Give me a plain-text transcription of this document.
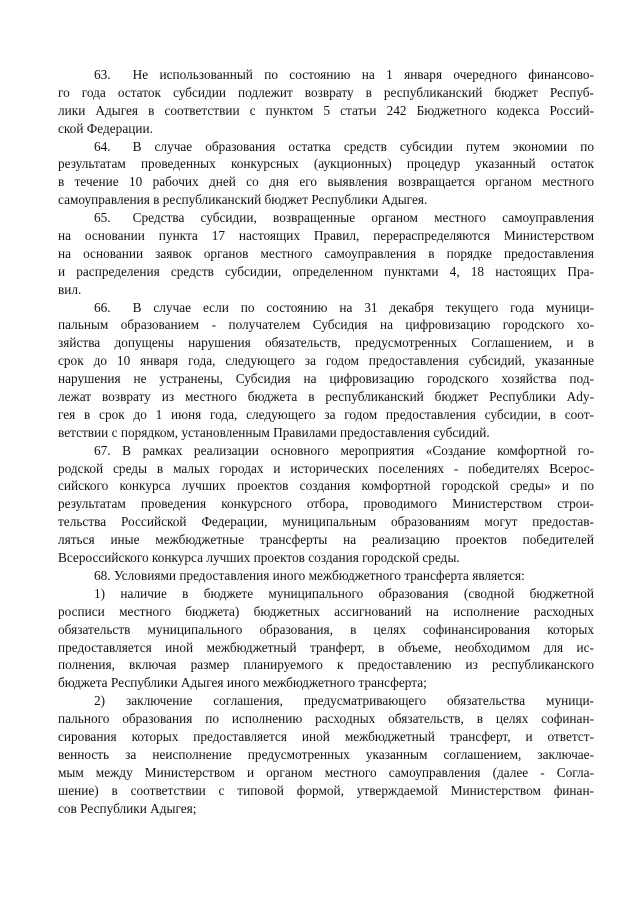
63. Не использованный по состоянию на 1 января очередного финансово-
го года остаток субсидии подлежит возврату в республиканский бюджет Респуб-
лики Адыгея в соответствии с пунктом 5 статьи 242 Бюджетного кодекса Россий-
ской Федерации.
64. В случае образования остатка средств субсидии путем экономии по
результатам проведенных конкурсных (аукционных) процедур указанный остаток
в течение 10 рабочих дней со дня его выявления возвращается органом местного
самоуправления в республиканский бюджет Республики Адыгея.
65. Средства субсидии, возвращенные органом местного самоуправления
на основании пункта 17 настоящих Правил, перераспределяются Министерством
на основании заявок органов местного самоуправления в порядке предоставления
и распределения средств субсидии, определенном пунктами 4, 18 настоящих Пра-
вил.
66. В случае если по состоянию на 31 декабря текущего года муници-
пальным образованием - получателем Субсидия на цифровизацию городского хо-
зяйства допущены нарушения обязательств, предусмотренных Соглашением, и в
срок до 10 января года, следующего за годом предоставления субсидий, указанные
нарушения не устранены, Субсидия на цифровизацию городского хозяйства под-
лежат возврату из местного бюджета в республиканский бюджет Республики Ady-
гея в срок до 1 июня года, следующего за годом предоставления субсидии, в соот-
ветствии с порядком, установленным Правилами предоставления субсидий.
67. В рамках реализации основного мероприятия «Создание комфортной го-
родской среды в малых городах и исторических поселениях - победителях Всерос-
сийского конкурса лучших проектов создания комфортной городской среды» и по
результатам проведения конкурсного отбора, проводимого Министерством строи-
тельства Российской Федерации, муниципальным образованиям могут предостав-
ляться иные межбюджетные трансферты на реализацию проектов победителей
Всероссийского конкурса лучших проектов создания городской среды.
68. Условиями предоставления иного межбюджетного трансферта является:
1) наличие в бюджете муниципального образования (сводной бюджетной
росписи местного бюджета) бюджетных ассигнований на исполнение расходных
обязательств муниципального образования, в целях софинансирования которых
предоставляется иной межбюджетный транферт, в объеме, необходимом для ис-
полнения, включая размер планируемого к предоставлению из республиканского
бюджета Республики Адыгея иного межбюджетного трансферта;
2) заключение соглашения, предусматривающего обязательства муници-
пального образования по исполнению расходных обязательств, в целях софинан-
сирования которых предоставляется иной межбюджетный трансферт, и ответст-
венность за неисполнение предусмотренных указанным соглашением, заключае-
мым между Министерством и органом местного самоуправления (далее - Согла-
шение) в соответствии с типовой формой, утверждаемой Министерством финан-
сов Республики Адыгея;
